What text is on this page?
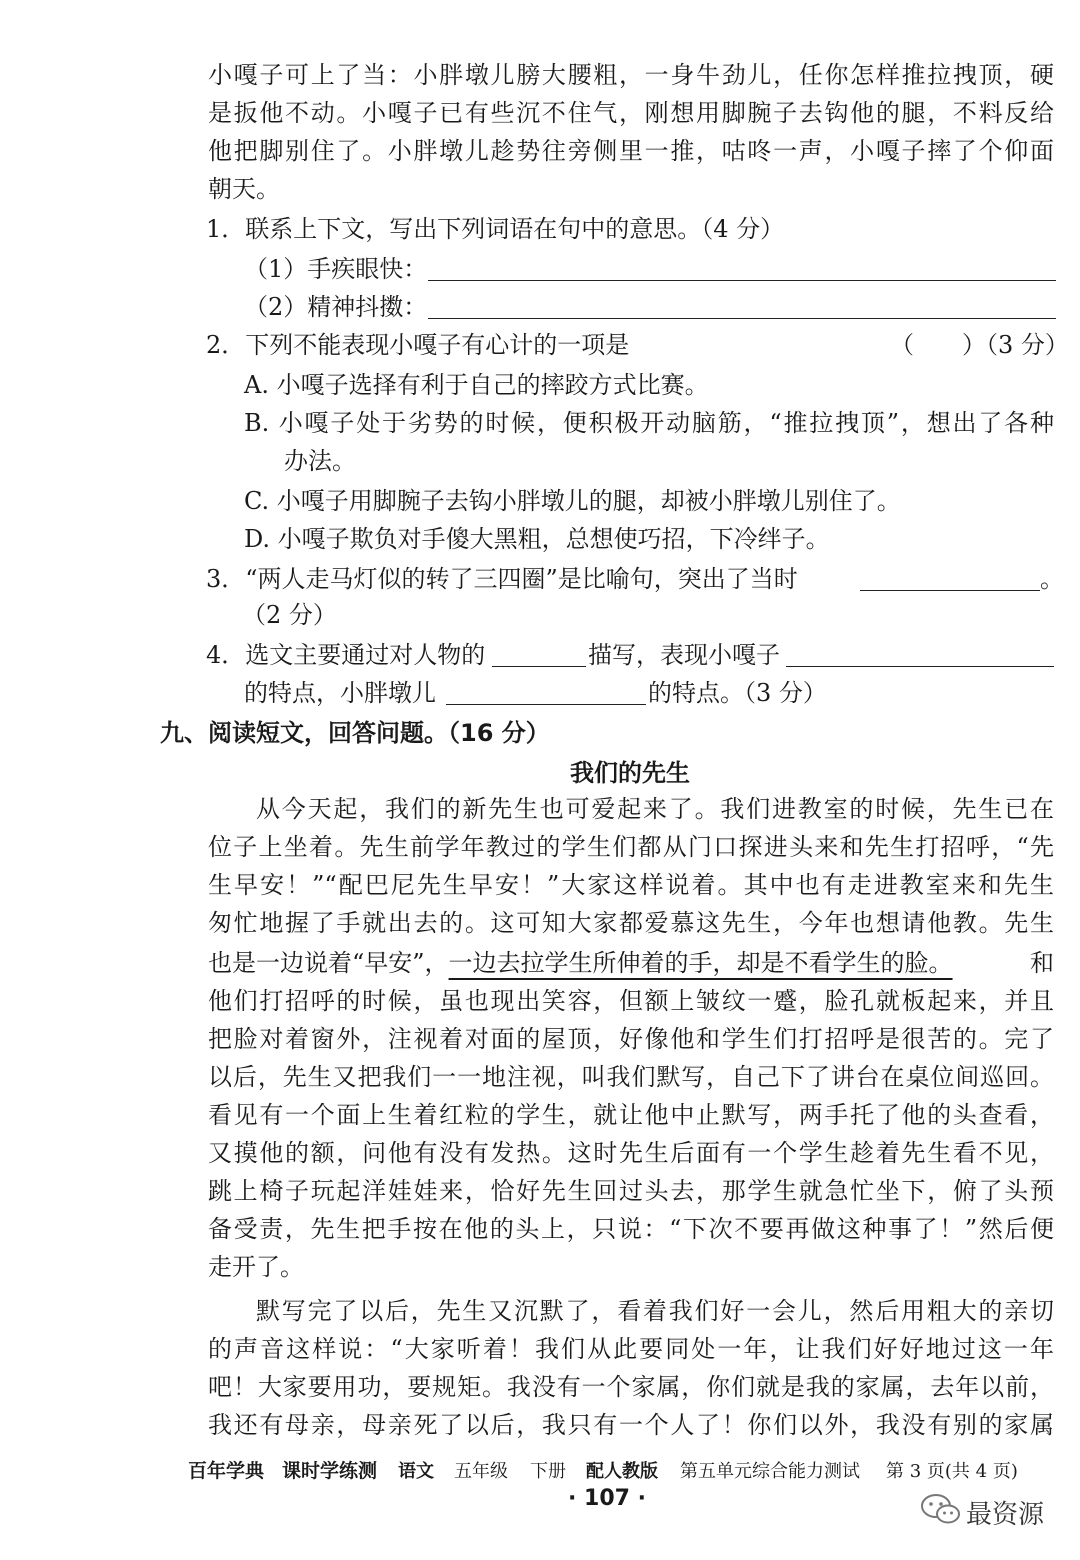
小嘎子可上了当：小胖墩儿膀大腰粗，一身牛劲儿，任你怎样推拉拽顶，硬
是扳他不动。小嘎子已有些沉不住气，刚想用脚腕子去钩他的腿，不料反给
他把脚别住了。小胖墩儿趁势往旁侧里一推，咕咚一声，小嘎子摔了个仰面
朝天。
1．联系上下文，写出下列词语在句中的意思。（4 分）
（1）手疾眼快：
（2）精神抖擞：
2．下列不能表现小嘎子有心计的一项是	（　　）（3 分）
A. 小嘎子选择有利于自己的摔跤方式比赛。
B. 小嘎子处于劣势的时候，便积极开动脑筋，“推拉拽顶”，想出了各种
办法。
C. 小嘎子用脚腕子去钩小胖墩儿的腿，却被小胖墩儿别住了。
D. 小嘎子欺负对手傻大黑粗，总想使巧招，下冷绊子。
3．“两人走马灯似的转了三四圈”是比喻句，突出了当时	。
（2 分）
4．选文主要通过对人物的	描写，表现小嘎子
的特点，小胖墩儿	的特点。（3 分）
九、阅读短文，回答问题。（16 分）
我们的先生
从今天起，我们的新先生也可爱起来了。我们进教室的时候，先生已在
位子上坐着。先生前学年教过的学生们都从门口探进头来和先生打招呼，“先
生早安！”“配巴尼先生早安！”大家这样说着。其中也有走进教室来和先生
匆忙地握了手就出去的。这可知大家都爱慕这先生，今年也想请他教。先生
也是一边说着“早安”，一边去拉学生所伸着的手，却是不看学生的脸。	和
他们打招呼的时候，虽也现出笑容，但额上皱纹一蹙，脸孔就板起来，并且
把脸对着窗外，注视着对面的屋顶，好像他和学生们打招呼是很苦的。完了
以后，先生又把我们一一地注视，叫我们默写，自己下了讲台在桌位间巡回。
看见有一个面上生着红粒的学生，就让他中止默写，两手托了他的头查看，
又摸他的额，问他有没有发热。这时先生后面有一个学生趁着先生看不见，
跳上椅子玩起洋娃娃来，恰好先生回过头去，那学生就急忙坐下，俯了头预
备受责，先生把手按在他的头上，只说：“下次不要再做这种事了！”然后便
走开了。
默写完了以后，先生又沉默了，看着我们好一会儿，然后用粗大的亲切
的声音这样说：“大家听着！我们从此要同处一年，让我们好好地过这一年
吧！大家要用功，要规矩。我没有一个家属，你们就是我的家属，去年以前，
我还有母亲，母亲死了以后，我只有一个人了！你们以外，我没有别的家属
百年学典 课时学练测 语文 五年级 下册 配人教版 第五单元综合能力测试 第 3 页(共 4 页)
· 107 ·
最资源
